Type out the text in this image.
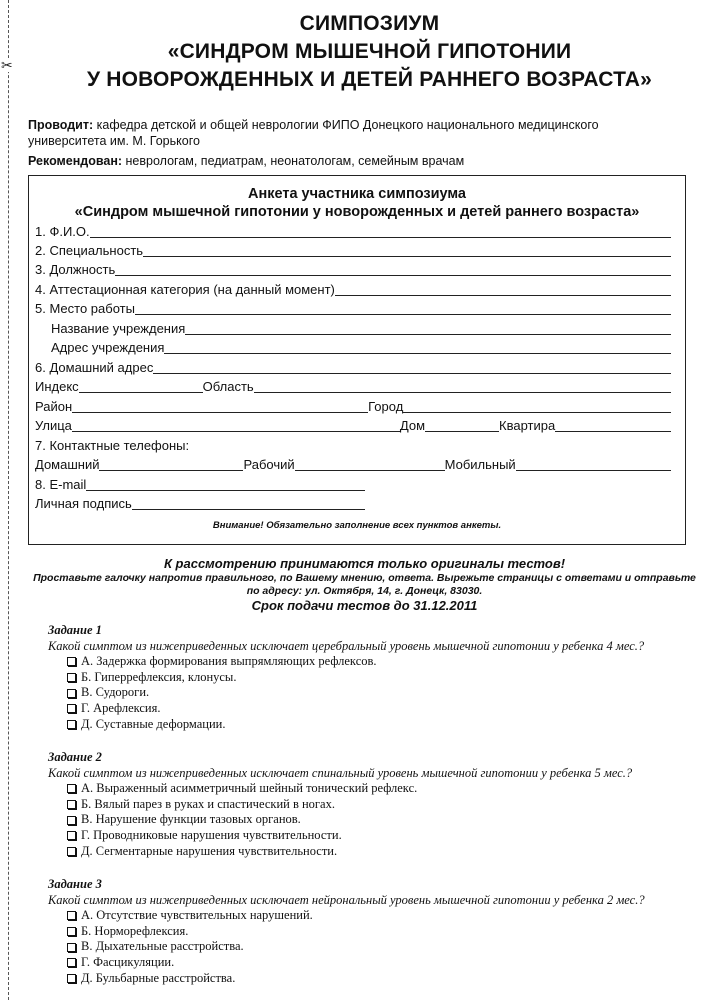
✂
СИМПОЗИУМ
«СИНДРОМ МЫШЕЧНОЙ ГИПОТОНИИ
У НОВОРОЖДЕННЫХ И ДЕТЕЙ РАННЕГО ВОЗРАСТА»
Проводит: кафедра детской и общей неврологии ФИПО Донецкого национального медицинского
университета им. М. Горького
Рекомендован: неврологам, педиатрам, неонатологам, семейным врачам
Анкета участника симпозиума
«Синдром мышечной гипотонии у новорожденных и детей раннего возраста»
1. Ф.И.О.
2. Специальность
3. Должность
4. Аттестационная категория (на данный момент)
5. Место работы
Название учреждения
Адрес учреждения
6. Домашний адрес
Индекс	Область
Район	Город
Улица	Дом	Квартира
7. Контактные телефоны:
Домашний	Рабочий	Мобильный
8. E-mail
Личная подпись
Внимание! Обязательно заполнение всех пунктов анкеты.
К рассмотрению принимаются только оригиналы тестов!
Проставьте галочку напротив правильного, по Вашему мнению, ответа. Вырежьте страницы с ответами и отправьте
по адресу: ул. Октября, 14, г. Донецк, 83030.
Срок подачи тестов до 31.12.2011
Задание 1
Какой симптом из нижеприведенных исключает церебральный уровень мышечной гипотонии у ребенка 4 мес.?
А. Задержка формирования выпрямляющих рефлексов.
Б. Гиперрефлексия, клонусы.
В. Судороги.
Г. Арефлексия.
Д. Суставные деформации.
Задание 2
Какой симптом из нижеприведенных исключает спинальный уровень мышечной гипотонии у ребенка 5 мес.?
А. Выраженный асимметричный шейный тонический рефлекс.
Б. Вялый парез в руках и спастический в ногах.
В. Нарушение функции тазовых органов.
Г. Проводниковые нарушения чувствительности.
Д. Сегментарные нарушения чувствительности.
Задание 3
Какой симптом из нижеприведенных исключает нейрональный уровень мышечной гипотонии у ребенка 2 мес.?
А. Отсутствие чувствительных нарушений.
Б. Норморефлексия.
В. Дыхательные расстройства.
Г. Фасцикуляции.
Д. Бульбарные расстройства.
